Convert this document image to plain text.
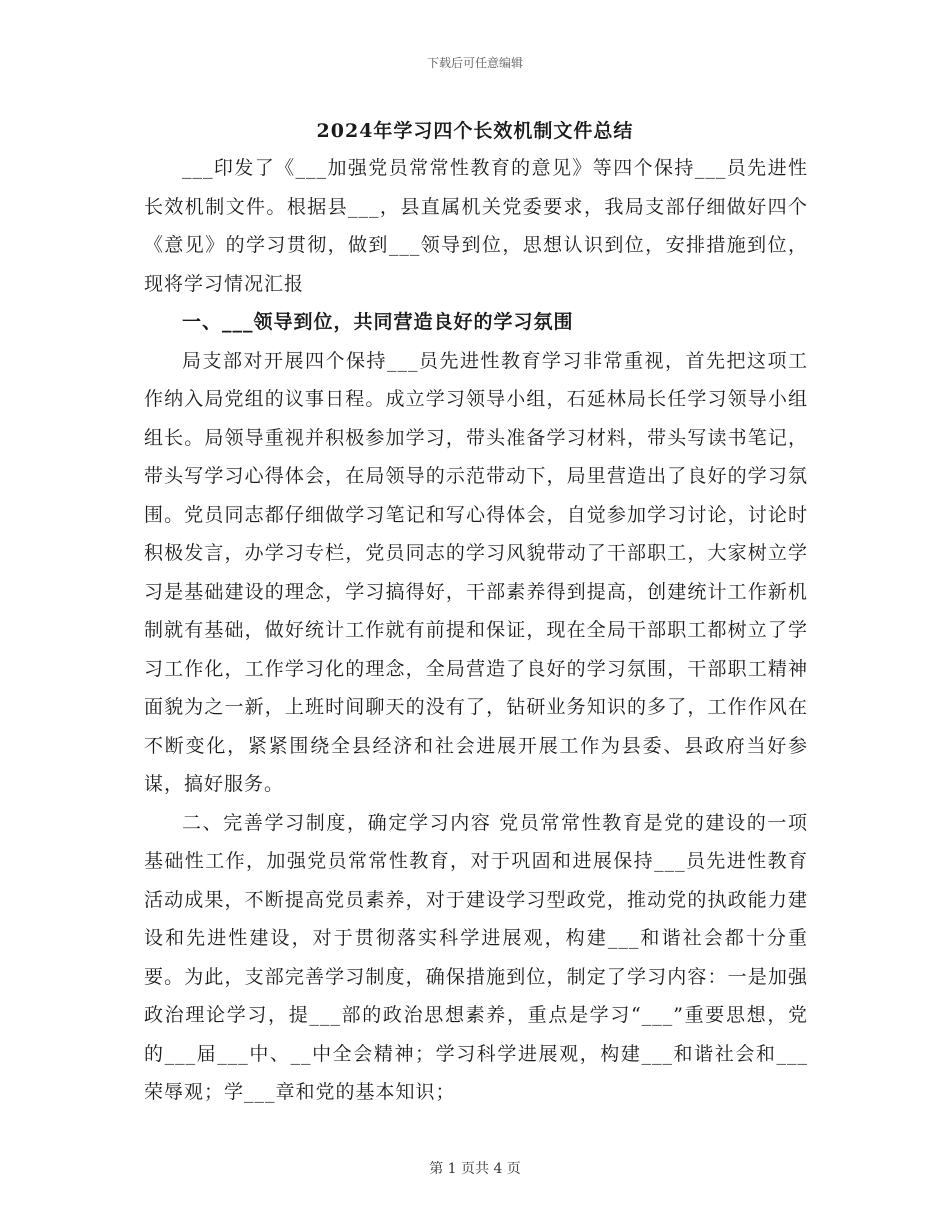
下载后可任意编辑
2024年学习四个长效机制文件总结

___印发了《___加强党员常常性教育的意见》等四个保持___员先进性长效机制文件。根据县___，县直属机关党委要求，我局支部仔细做好四个《意见》的学习贯彻，做到___领导到位，思想认识到位，安排措施到位，现将学习情况汇报

一、___领导到位，共同营造良好的学习氛围

局支部对开展四个保持___员先进性教育学习非常重视，首先把这项工作纳入局党组的议事日程。成立学习领导小组，石延林局长任学习领导小组组长。局领导重视并积极参加学习，带头准备学习材料，带头写读书笔记，带头写学习心得体会，在局领导的示范带动下，局里营造出了良好的学习氛围。党员同志都仔细做学习笔记和写心得体会，自觉参加学习讨论，讨论时积极发言，办学习专栏，党员同志的学习风貌带动了干部职工，大家树立学习是基础建设的理念，学习搞得好，干部素养得到提高，创建统计工作新机制就有基础，做好统计工作就有前提和保证，现在全局干部职工都树立了学习工作化，工作学习化的理念，全局营造了良好的学习氛围，干部职工精神面貌为之一新，上班时间聊天的没有了，钻研业务知识的多了，工作作风在不断变化，紧紧围绕全县经济和社会进展开展工作为县委、县政府当好参谋，搞好服务。

二、完善学习制度，确定学习内容 党员常常性教育是党的建设的一项基础性工作，加强党员常常性教育，对于巩固和进展保持___员先进性教育活动成果，不断提高党员素养，对于建设学习型政党，推动党的执政能力建设和先进性建设，对于贯彻落实科学进展观，构建___和谐社会都十分重要。为此，支部完善学习制度，确保措施到位，制定了学习内容：一是加强政治理论学习，提___部的政治思想素养，重点是学习“___”重要思想，党的___届___中、__中全会精神；学习科学进展观，构建___和谐社会和___荣辱观；学___章和党的基本知识；

第 1 页共 4 页
